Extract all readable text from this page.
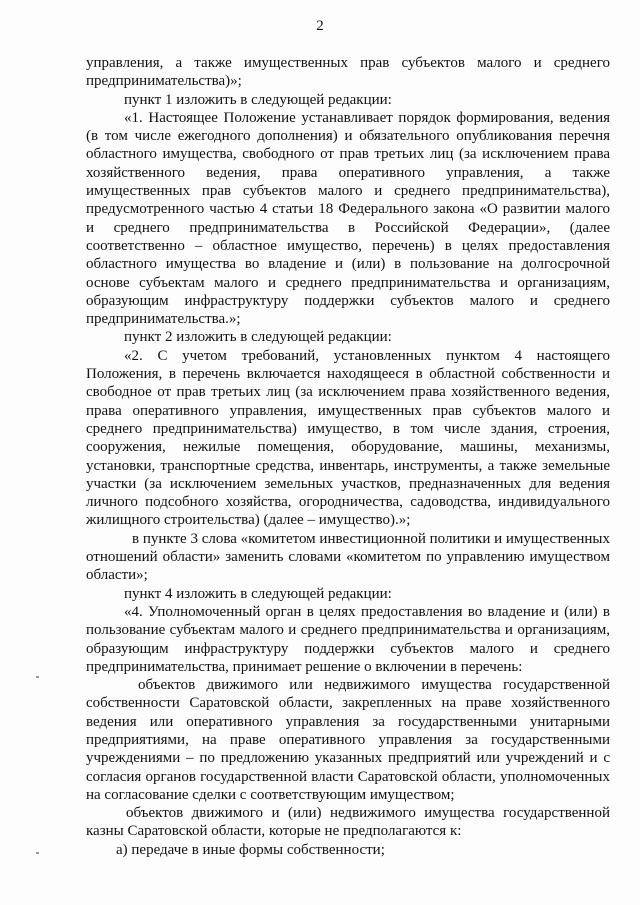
2

управления, а также имущественных прав субъектов малого и среднего предпринимательства)»;

пункт 1 изложить в следующей редакции:

«1. Настоящее Положение устанавливает порядок формирования, ведения (в том числе ежегодного дополнения) и обязательного опубликования перечня областного имущества, свободного от прав третьих лиц (за исключением права хозяйственного ведения, права оперативного управления, а также имущественных прав субъектов малого и среднего предпринимательства), предусмотренного частью 4 статьи 18 Федерального закона «О развитии малого и среднего предпринимательства в Российской Федерации», (далее соответственно – областное имущество, перечень) в целях предоставления областного имущества во владение и (или) в пользование на долгосрочной основе субъектам малого и среднего предпринимательства и организациям, образующим инфраструктуру поддержки субъектов малого и среднего предпринимательства.»;

пункт 2 изложить в следующей редакции:

«2. С учетом требований, установленных пунктом 4 настоящего Положения, в перечень включается находящееся в областной собственности и свободное от прав третьих лиц (за исключением права хозяйственного ведения, права оперативного управления, имущественных прав субъектов малого и среднего предпринимательства) имущество, в том числе здания, строения, сооружения, нежилые помещения, оборудование, машины, механизмы, установки, транспортные средства, инвентарь, инструменты, а также земельные участки (за исключением земельных участков, предназначенных для ведения личного подсобного хозяйства, огородничества, садоводства, индивидуального жилищного строительства) (далее – имущество).»;

в пункте 3 слова «комитетом инвестиционной политики и имущественных отношений области» заменить словами «комитетом по управлению имуществом области»;

пункт 4 изложить в следующей редакции:

«4. Уполномоченный орган в целях предоставления во владение и (или) в пользование субъектам малого и среднего предпринимательства и организациям, образующим инфраструктуру поддержки субъектов малого и среднего предпринимательства, принимает решение о включении в перечень:

объектов движимого или недвижимого имущества государственной собственности Саратовской области, закрепленных на праве хозяйственного ведения или оперативного управления за государственными унитарными предприятиями, на праве оперативного управления за государственными учреждениями – по предложению указанных предприятий или учреждений и с согласия органов государственной власти Саратовской области, уполномоченных на согласование сделки с соответствующим имуществом;

объектов движимого и (или) недвижимого имущества государственной казны Саратовской области, которые не предполагаются к:

а) передаче в иные формы собственности;
